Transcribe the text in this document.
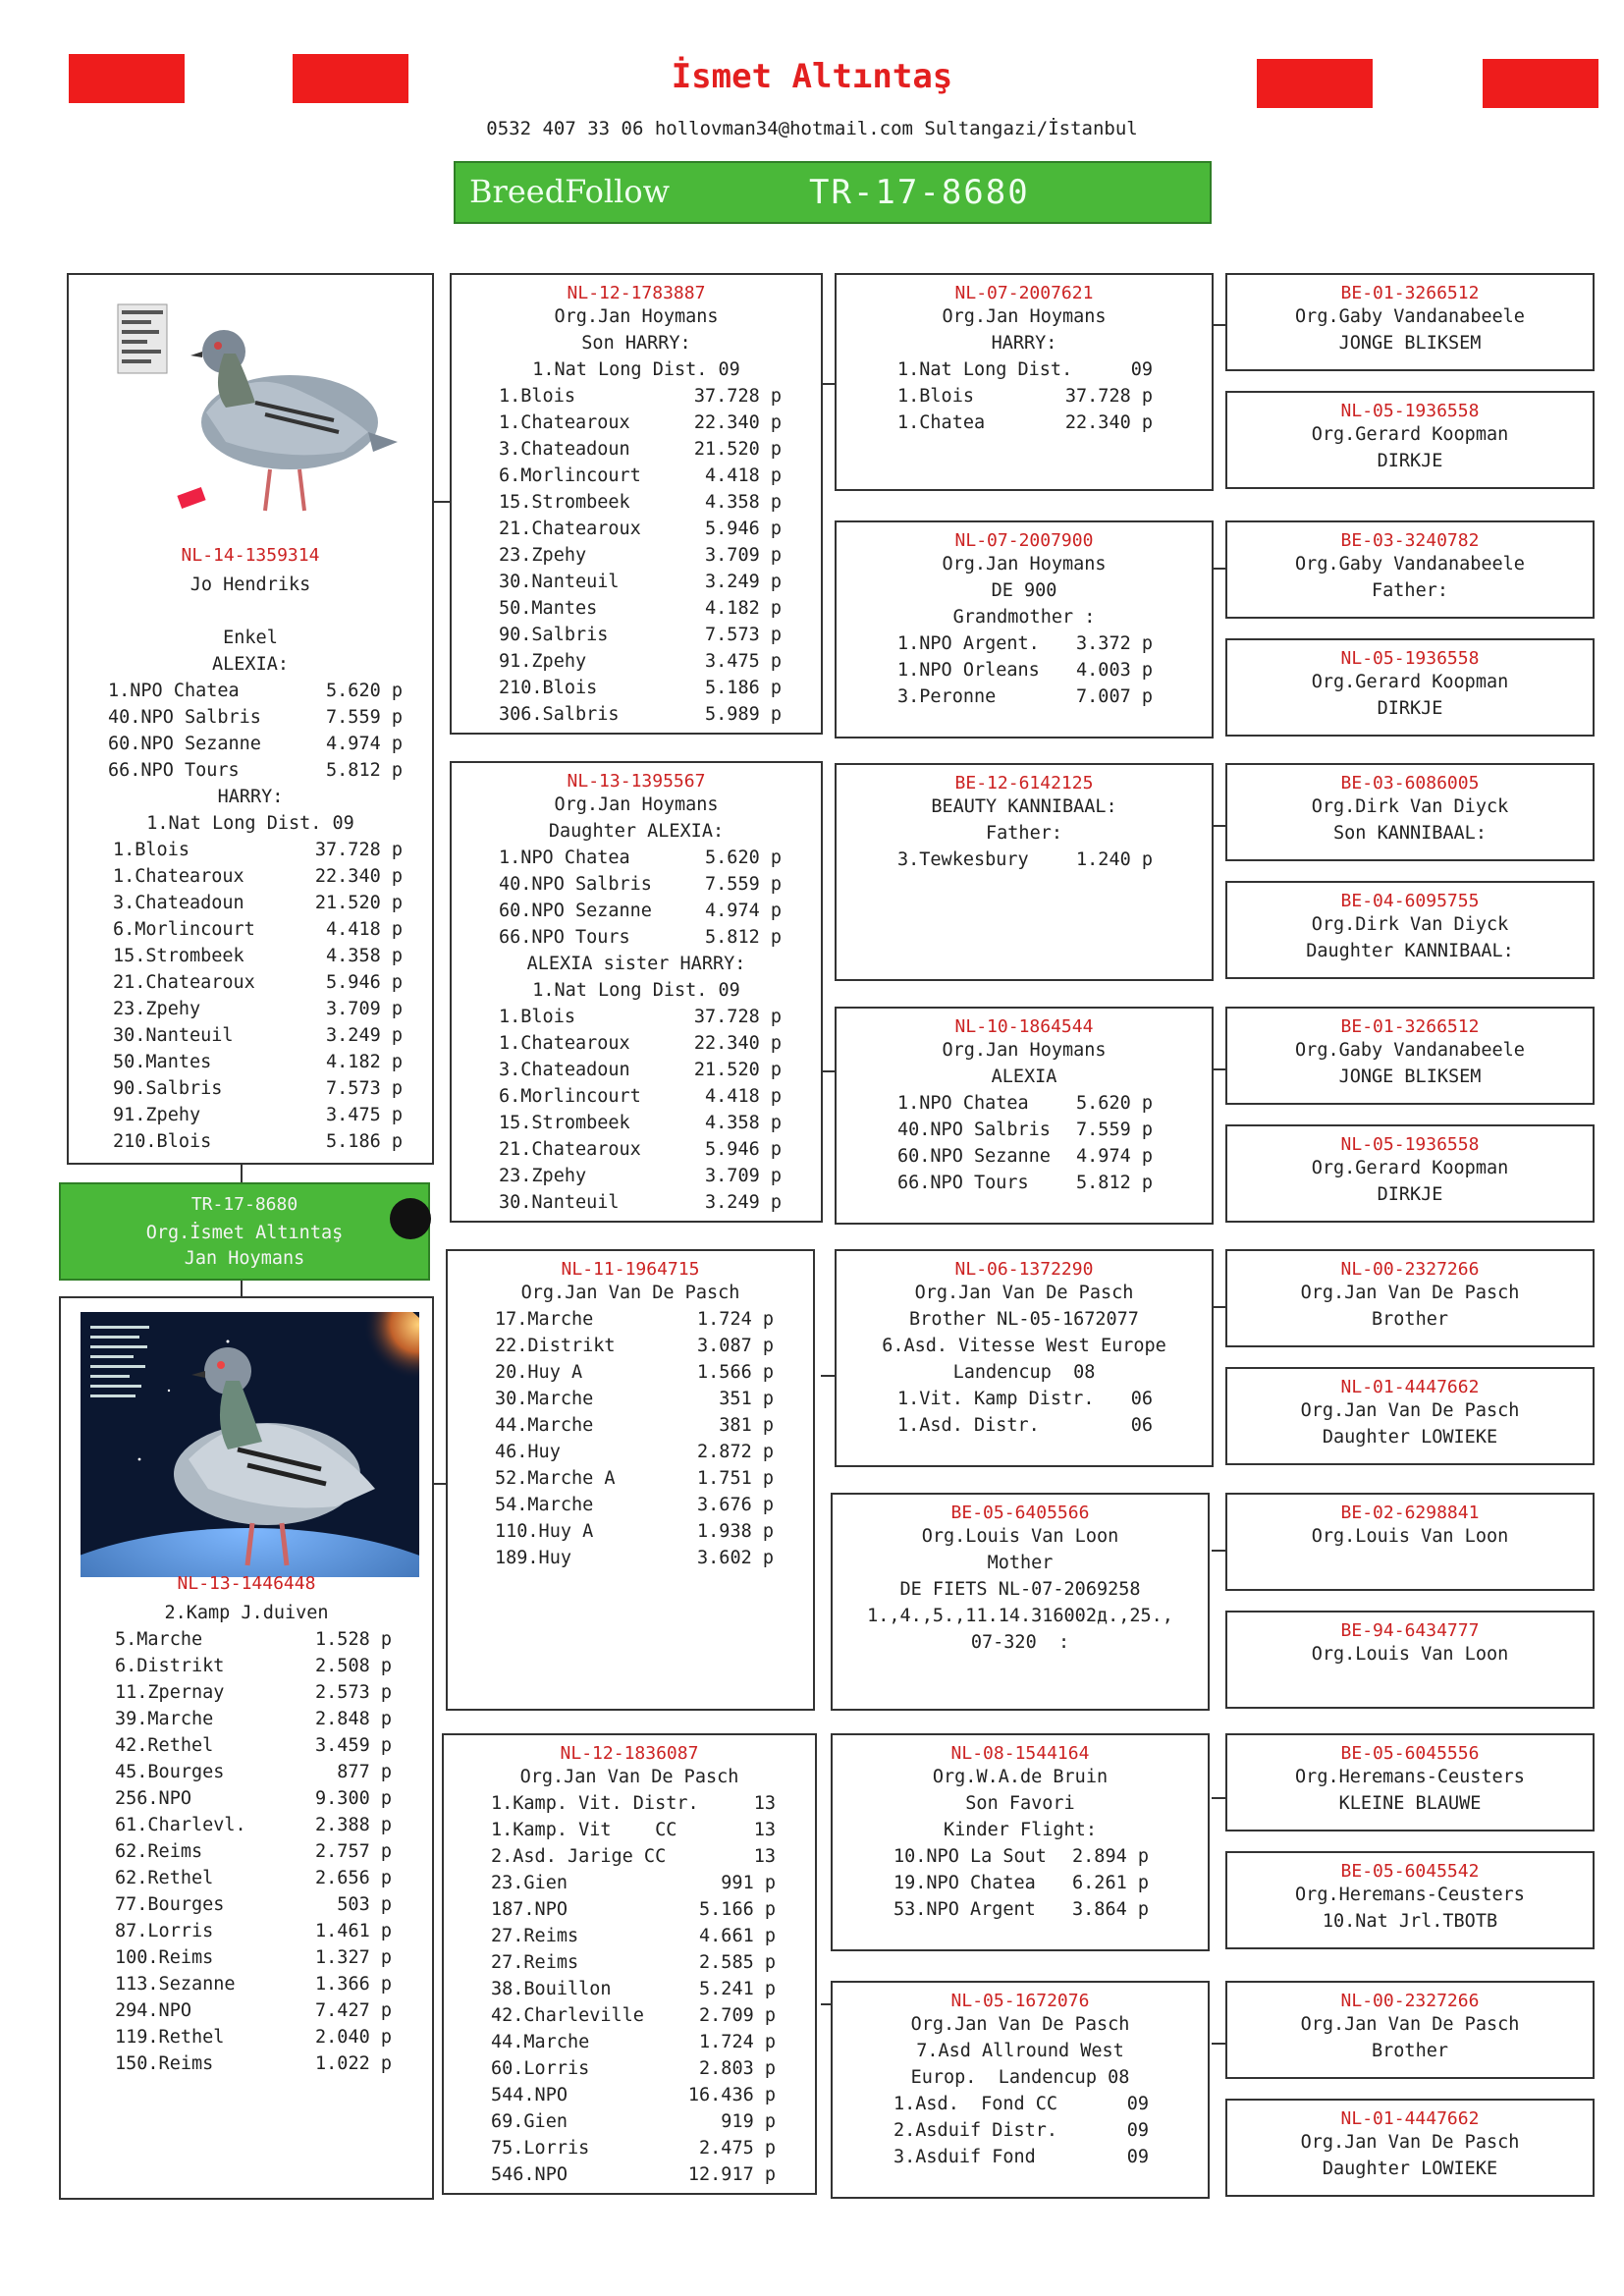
İsmet Altıntaş
0532 407 33 06 hollovman34@hotmail.com Sultangazi/İstanbul
BreedFollow	TR-17-8680
NL-14-1359314
Jo Hendriks
Enkel
ALEXIA:
1.NPO Chatea	5.620 p
40.NPO Salbris	7.559 p
60.NPO Sezanne	4.974 p
66.NPO Tours	5.812 p
HARRY:
1.Nat Long Dist. 09
1.Blois	37.728 p
1.Chatearoux	22.340 p
3.Chateadoun	21.520 p
6.Morlincourt	4.418 p
15.Strombeek	4.358 p
21.Chatearoux	5.946 p
23.Zpehy	3.709 p
30.Nanteuil	3.249 p
50.Mantes	4.182 p
90.Salbris	7.573 p
91.Zpehy	3.475 p
210.Blois	5.186 p
TR-17-8680
Org.İsmet Altıntaş
Jan Hoymans
NL-13-1446448
2.Kamp J.duiven
5.Marche	1.528 p
6.Distrikt	2.508 p
11.Zpernay	2.573 p
39.Marche	2.848 p
42.Rethel	3.459 p
45.Bourges	877 p
256.NPO	9.300 p
61.Charlevl.	2.388 p
62.Reims	2.757 p
62.Rethel	2.656 p
77.Bourges	503 p
87.Lorris	1.461 p
100.Reims	1.327 p
113.Sezanne	1.366 p
294.NPO	7.427 p
119.Rethel	2.040 p
150.Reims	1.022 p
NL-12-1783887
Org.Jan Hoymans
Son HARRY:
1.Nat Long Dist. 09
1.Blois	37.728 p
1.Chatearoux	22.340 p
3.Chateadoun	21.520 p
6.Morlincourt	4.418 p
15.Strombeek	4.358 p
21.Chatearoux	5.946 p
23.Zpehy	3.709 p
30.Nanteuil	3.249 p
50.Mantes	4.182 p
90.Salbris	7.573 p
91.Zpehy	3.475 p
210.Blois	5.186 p
306.Salbris	5.989 p
NL-13-1395567
Org.Jan Hoymans
Daughter ALEXIA:
1.NPO Chatea	5.620 p
40.NPO Salbris	7.559 p
60.NPO Sezanne	4.974 p
66.NPO Tours	5.812 p
ALEXIA sister HARRY:
1.Nat Long Dist. 09
1.Blois	37.728 p
1.Chatearoux	22.340 p
3.Chateadoun	21.520 p
6.Morlincourt	4.418 p
15.Strombeek	4.358 p
21.Chatearoux	5.946 p
23.Zpehy	3.709 p
30.Nanteuil	3.249 p
NL-11-1964715
Org.Jan Van De Pasch
17.Marche	1.724 p
22.Distrikt	3.087 p
20.Huy A	1.566 p
30.Marche	351 p
44.Marche	381 p
46.Huy	2.872 p
52.Marche A	1.751 p
54.Marche	3.676 p
110.Huy A	1.938 p
189.Huy	3.602 p
NL-12-1836087
Org.Jan Van De Pasch
1.Kamp. Vit. Distr.	13
1.Kamp. Vit    CC	13
2.Asd. Jarige CC	13
23.Gien	991 p
187.NPO	5.166 p
27.Reims	4.661 p
27.Reims	2.585 p
38.Bouillon	5.241 p
42.Charleville	2.709 p
44.Marche	1.724 p
60.Lorris	2.803 p
544.NPO	16.436 p
69.Gien	919 p
75.Lorris	2.475 p
546.NPO	12.917 p
NL-07-2007621
Org.Jan Hoymans
HARRY:
1.Nat Long Dist.	09
1.Blois	37.728 p
1.Chatea	22.340 p
NL-07-2007900
Org.Jan Hoymans
DE 900
Grandmother :
1.NPO Argent. 3.372 p
1.NPO Orleans 4.003 p
3.Peronne	7.007 p
BE-12-6142125
BEAUTY KANNIBAAL:
Father:
3.Tewkesbury	1.240 p
NL-10-1864544
Org.Jan Hoymans
ALEXIA
1.NPO Chatea	5.620 p
40.NPO Salbris 7.559 p
60.NPO Sezanne 4.974 p
66.NPO Tours	5.812 p
NL-06-1372290
Org.Jan Van De Pasch
Brother NL-05-1672077
6.Asd. Vitesse West Europe
Landencup  08
1.Vit. Kamp Distr. 06
1.Asd. Distr.	06
BE-05-6405566
Org.Louis Van Loon
Mother
DE FIETS NL-07-2069258
1.,4.,5.,11.14.316002д.,25.,
07-320  :
NL-08-1544164
Org.W.A.de Bruin
Son Favori
Kinder Flight:
10.NPO La Sout 2.894 p
19.NPO Chatea 6.261 p
53.NPO Argent 3.864 p
NL-05-1672076
Org.Jan Van De Pasch
7.Asd Allround West
Europ.  Landencup 08
1.Asd.  Fond CC	09
2.Asduif Distr.	09
3.Asduif Fond	09
BE-01-3266512
Org.Gaby Vandanabeele
JONGE BLIKSEM
NL-05-1936558
Org.Gerard Koopman
DIRKJE
BE-03-3240782
Org.Gaby Vandanabeele
Father:
NL-05-1936558
Org.Gerard Koopman
DIRKJE
BE-03-6086005
Org.Dirk Van Diyck
Son KANNIBAAL:
BE-04-6095755
Org.Dirk Van Diyck
Daughter KANNIBAAL:
BE-01-3266512
Org.Gaby Vandanabeele
JONGE BLIKSEM
NL-05-1936558
Org.Gerard Koopman
DIRKJE
NL-00-2327266
Org.Jan Van De Pasch
Brother
NL-01-4447662
Org.Jan Van De Pasch
Daughter LOWIEKE
BE-02-6298841
Org.Louis Van Loon
BE-94-6434777
Org.Louis Van Loon
BE-05-6045556
Org.Heremans-Ceusters
KLEINE BLAUWE
BE-05-6045542
Org.Heremans-Ceusters
10.Nat Jrl.TBOTB
NL-00-2327266
Org.Jan Van De Pasch
Brother
NL-01-4447662
Org.Jan Van De Pasch
Daughter LOWIEKE
